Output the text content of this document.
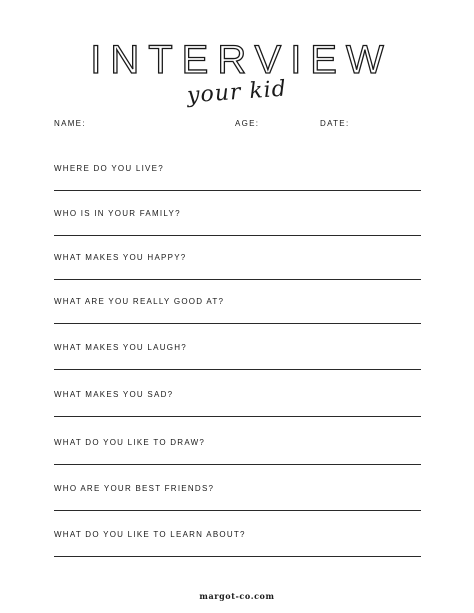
INTERVIEW
your kid
NAME:	AGE:	DATE:
WHERE DO YOU LIVE?
WHO IS IN YOUR FAMILY?
WHAT MAKES YOU HAPPY?
WHAT ARE YOU REALLY GOOD AT?
WHAT MAKES YOU LAUGH?
WHAT MAKES YOU SAD?
WHAT DO YOU LIKE TO DRAW?
WHO ARE YOUR BEST FRIENDS?
WHAT DO YOU LIKE TO LEARN ABOUT?
margot-co.com
